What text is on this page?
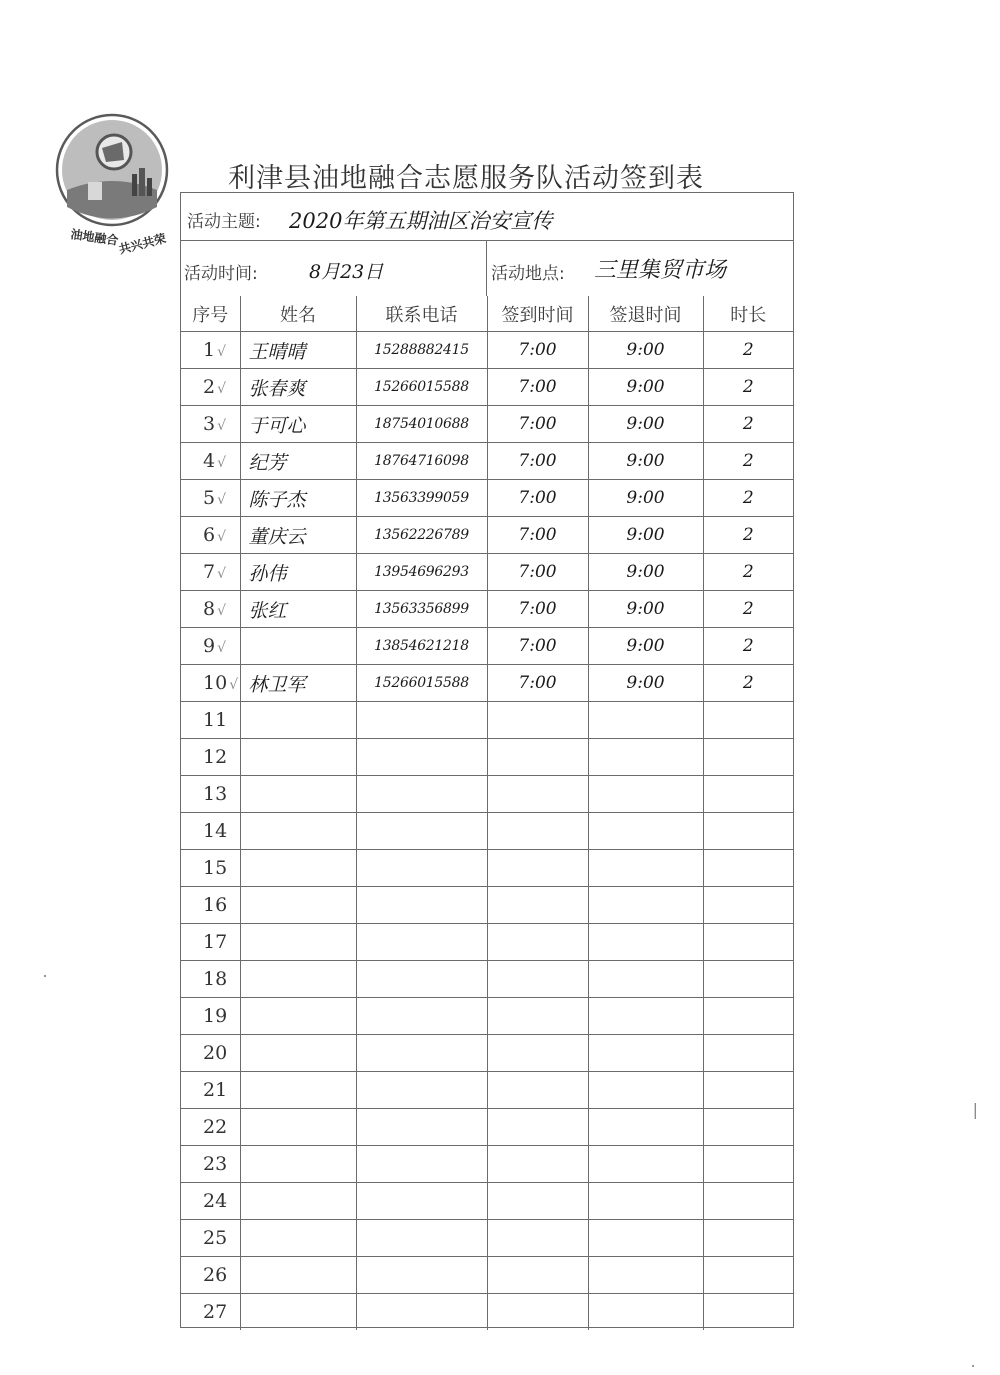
油地融合
共兴共荣
利津县油地融合志愿服务队活动签到表
活动主题: 2020年第五期油区治安宣传
活动时间:	8月23日	活动地点: 三里集贸市场
序号	姓名	联系电话	签到时间	签退时间	时长
1 √	王晴晴	15288882415	7:00	9:00	2
2 √	张春爽	15266015588	7:00	9:00	2
3 √	于可心	18754010688	7:00	9:00	2
4 √	纪芳	18764716098	7:00	9:00	2
5 √	陈子杰	13563399059	7:00	9:00	2
6 √	董庆云	13562226789	7:00	9:00	2
7 √	孙伟	13954696293	7:00	9:00	2
8 √	张红	13563356899	7:00	9:00	2
9 √		13854621218	7:00	9:00	2
10 √	林卫军	15266015588	7:00	9:00	2
11					
12					
13					
14					
15					
16					
17					
18					
19					
20					
21					
22					
23					
24					
25					
26					
27					
|
